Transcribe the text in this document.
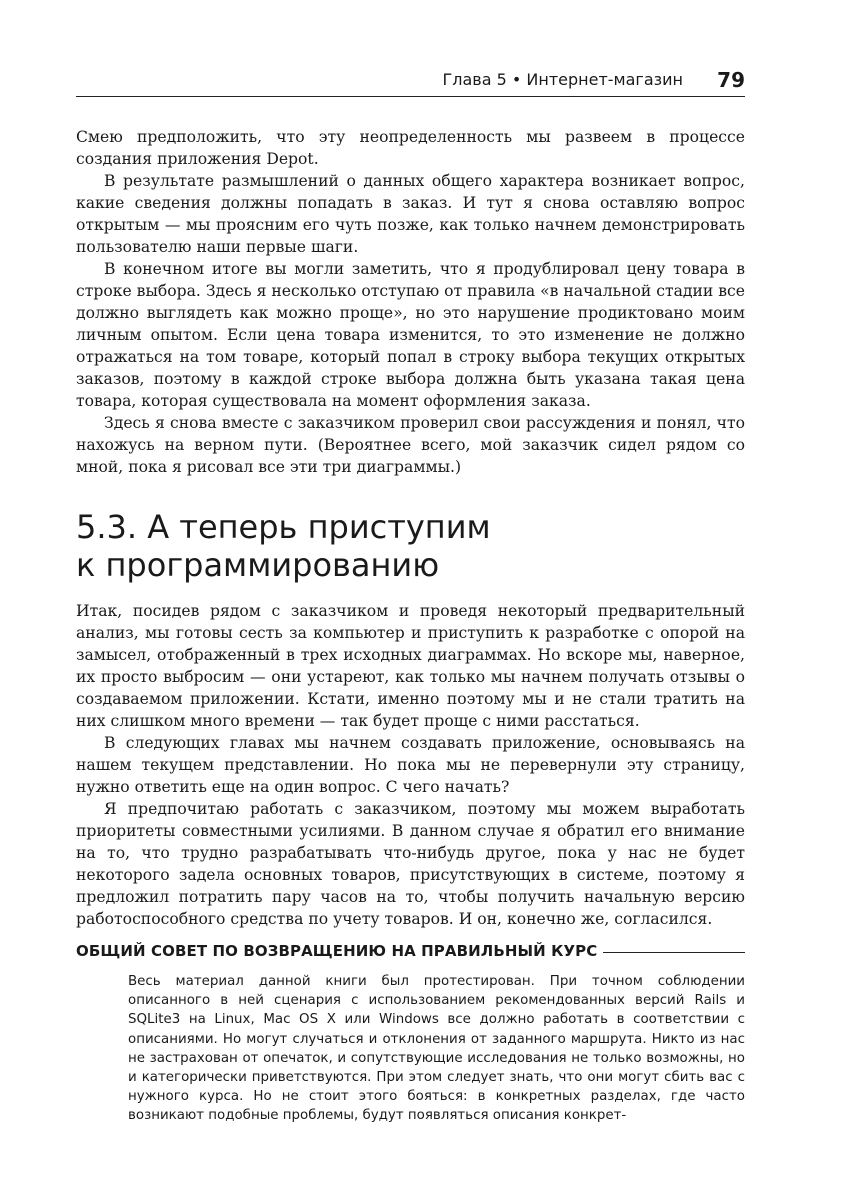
Глава 5 • Интернет-магазин 79

Смею предположить, что эту неопределенность мы развеем в процессе создания приложения Depot.

В результате размышлений о данных общего характера возникает вопрос, какие сведения должны попадать в заказ. И тут я снова оставляю вопрос открытым — мы проясним его чуть позже, как только начнем демонстрировать пользователю наши первые шаги.

В конечном итоге вы могли заметить, что я продублировал цену товара в строке выбора. Здесь я несколько отступаю от правила «в начальной стадии все должно выглядеть как можно проще», но это нарушение продиктовано моим личным опытом. Если цена товара изменится, то это изменение не должно отражаться на том товаре, который попал в строку выбора текущих открытых заказов, поэтому в каждой строке выбора должна быть указана такая цена товара, которая существовала на момент оформления заказа.

Здесь я снова вместе с заказчиком проверил свои рассуждения и понял, что нахожусь на верном пути. (Вероятнее всего, мой заказчик сидел рядом со мной, пока я рисовал все эти три диаграммы.)

5.3. А теперь приступим
к программированию

Итак, посидев рядом с заказчиком и проведя некоторый предварительный анализ, мы готовы сесть за компьютер и приступить к разработке с опорой на замысел, отображенный в трех исходных диаграммах. Но вскоре мы, наверное, их просто выбросим — они устареют, как только мы начнем получать отзывы о создаваемом приложении. Кстати, именно поэтому мы и не стали тратить на них слишком много времени — так будет проще с ними расстаться.

В следующих главах мы начнем создавать приложение, основываясь на нашем текущем представлении. Но пока мы не перевернули эту страницу, нужно ответить еще на один вопрос. С чего начать?

Я предпочитаю работать с заказчиком, поэтому мы можем выработать приоритеты совместными усилиями. В данном случае я обратил его внимание на то, что трудно разрабатывать что-нибудь другое, пока у нас не будет некоторого задела основных товаров, присутствующих в системе, поэтому я предложил потратить пару часов на то, чтобы получить начальную версию работоспособного средства по учету товаров. И он, конечно же, согласился.

ОБЩИЙ СОВЕТ ПО ВОЗВРАЩЕНИЮ НА ПРАВИЛЬНЫЙ КУРС

Весь материал данной книги был протестирован. При точном соблюдении описанного в ней сценария с использованием рекомендованных версий Rails и SQLite3 на Linux, Mac OS X или Windows все должно работать в соответствии с описаниями. Но могут случаться и отклонения от заданного маршрута. Никто из нас не застрахован от опечаток, и сопутствующие исследования не только возможны, но и категорически приветствуются. При этом следует знать, что они могут сбить вас с нужного курса. Но не стоит этого бояться: в конкретных разделах, где часто возникают подобные проблемы, будут появляться описания конкрет-
